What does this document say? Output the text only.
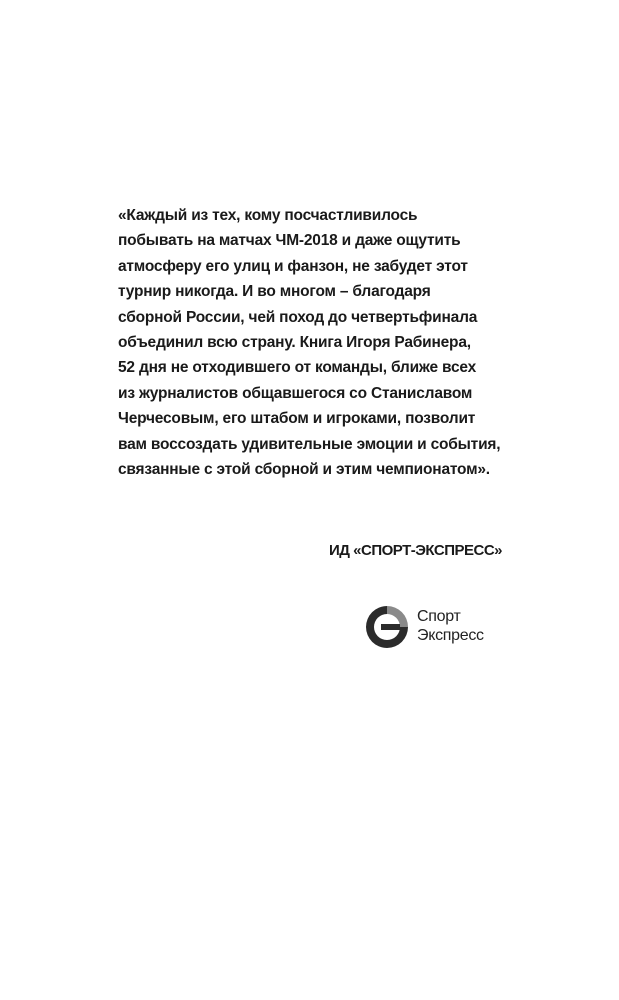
«Каждый из тех, кому посчастливилось
побывать на матчах ЧМ-2018 и даже ощутить
атмосферу его улиц и фанзон, не забудет этот
турнир никогда. И во многом – благодаря
сборной России, чей поход до четвертьфинала
объединил всю страну. Книга Игоря Рабинера,
52 дня не отходившего от команды, ближе всех
из журналистов общавшегося со Станиславом
Черчесовым, его штабом и игроками, позволит
вам воссоздать удивительные эмоции и события,
связанные с этой сборной и этим чемпионатом».

ИД «СПОРТ-ЭКСПРЕСС»

Спорт
Экспресс
